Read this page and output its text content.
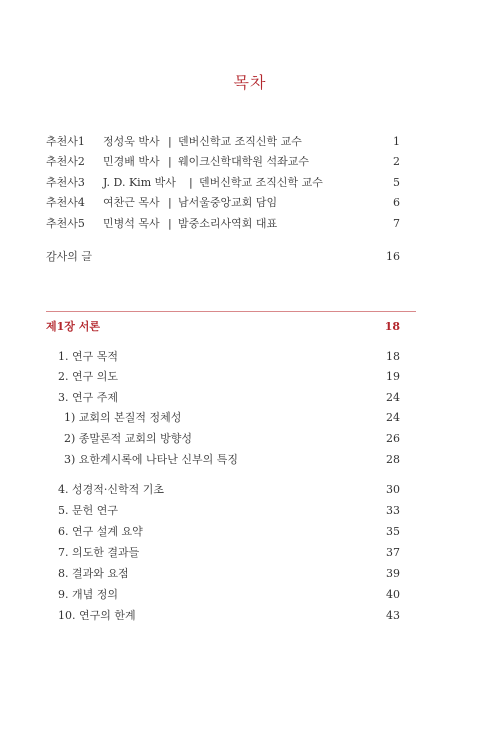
목차
추천사1 정성욱 박사 | 덴버신학교 조직신학 교수	1
추천사2 민경배 박사 | 웨이크신학대학원 석좌교수	2
추천사3 J. D. Kim 박사 | 덴버신학교 조직신학 교수	5
추천사4 여찬근 목사 | 남서울중앙교회 담임	6
추천사5 민병석 목사 | 밤중소리사역회 대표	7
감사의 글	16
제1장 서론	18
1. 연구 목적	18
2. 연구 의도	19
3. 연구 주제	24
1) 교회의 본질적 정체성	24
2) 종말론적 교회의 방향성	26
3) 요한계시록에 나타난 신부의 특징	28
4. 성경적·신학적 기초	30
5. 문헌 연구	33
6. 연구 설계 요약	35
7. 의도한 결과들	37
8. 결과와 요점	39
9. 개념 정의	40
10. 연구의 한계	43
